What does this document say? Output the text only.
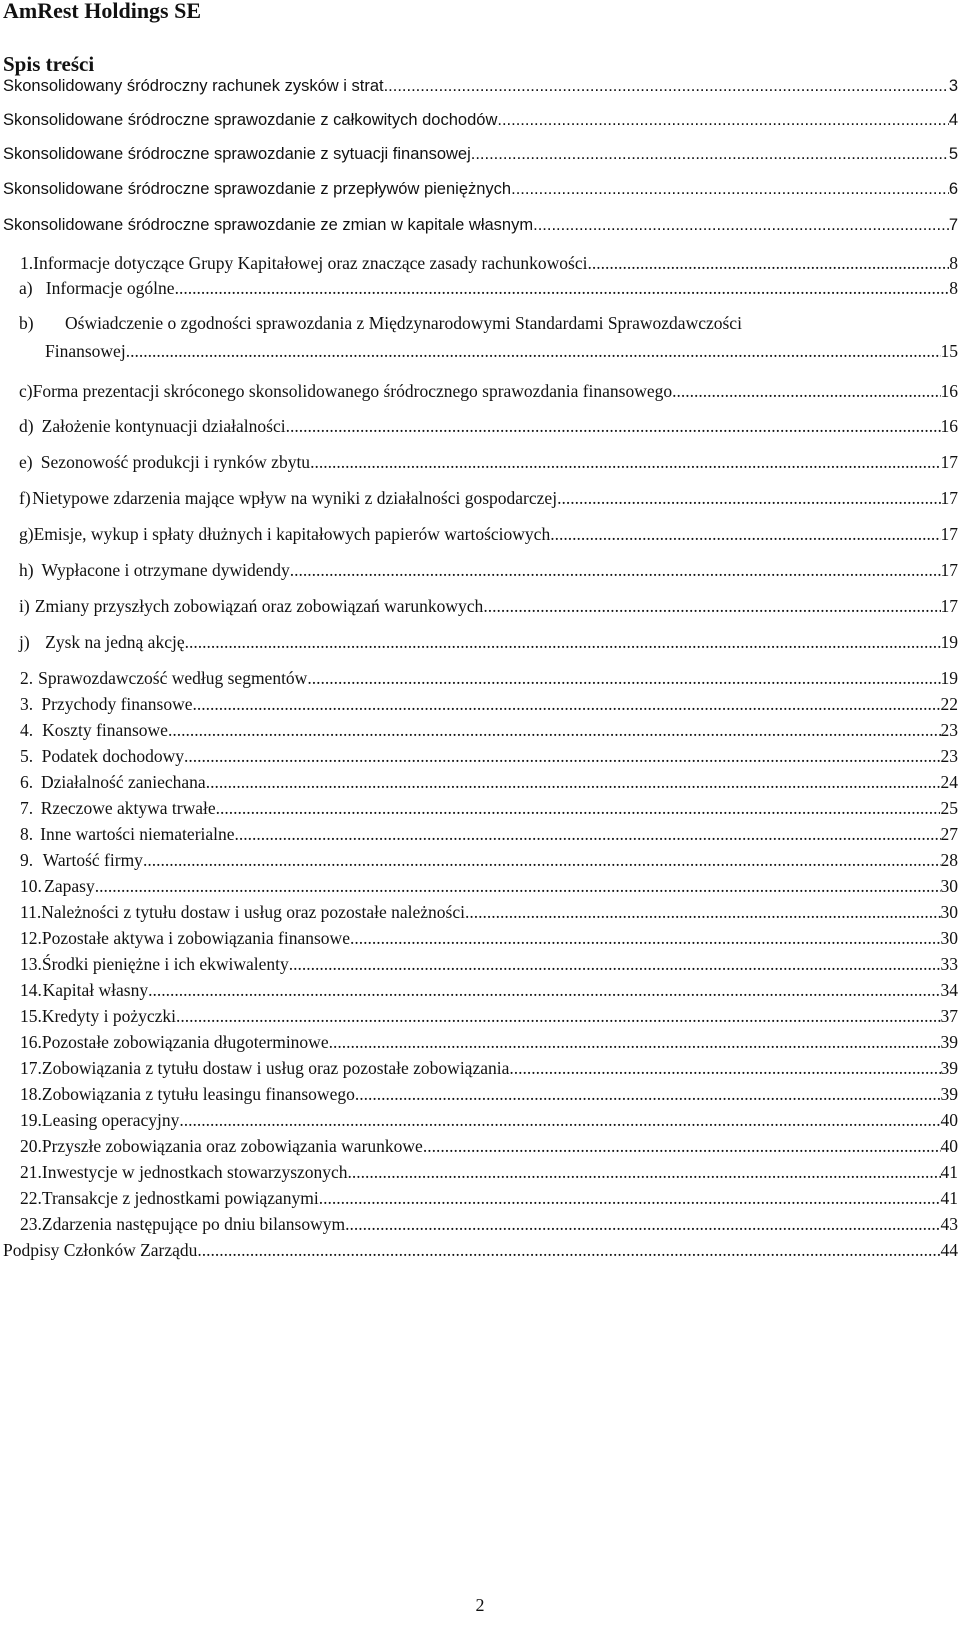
AmRest Holdings SE
Spis treści
Skonsolidowany śródroczny rachunek zysków i strat .....	3
Skonsolidowane śródroczne sprawozdanie z całkowitych dochodów .....	4
Skonsolidowane śródroczne sprawozdanie z sytuacji finansowej .....	5
Skonsolidowane śródroczne sprawozdanie z przepływów pieniężnych .....	6
Skonsolidowane śródroczne sprawozdanie ze zmian w kapitale własnym .....	7
1. Informacje dotyczące Grupy Kapitałowej oraz znaczące zasady rachunkowości .....	8
a) Informacje ogólne .....	8
b) Oświadczenie o zgodności sprawozdania z Międzynarodowymi Standardami Sprawozdawczości
Finansowej .....	15
c) Forma prezentacji skróconego skonsolidowanego śródrocznego sprawozdania finansowego .....	16
d) Założenie kontynuacji działalności .....	16
e) Sezonowość produkcji i rynków zbytu .....	17
f) Nietypowe zdarzenia mające wpływ na wyniki z działalności gospodarczej .....	17
g) Emisje, wykup i spłaty dłużnych i kapitałowych papierów wartościowych .....	17
h) Wypłacone i otrzymane dywidendy .....	17
i) Zmiany przyszłych zobowiązań oraz zobowiązań warunkowych .....	17
j) Zysk na jedną akcję .....	19
2. Sprawozdawczość według segmentów .....	19
3. Przychody finansowe .....	22
4. Koszty finansowe .....	23
5. Podatek dochodowy .....	23
6. Działalność zaniechana .....	24
7. Rzeczowe aktywa trwałe .....	25
8. Inne wartości niematerialne .....	27
9. Wartość firmy .....	28
10. Zapasy .....	30
11. Należności z tytułu dostaw i usług oraz pozostałe należności .....	30
12. Pozostałe aktywa i zobowiązania finansowe .....	30
13. Środki pieniężne i ich ekwiwalenty .....	33
14. Kapitał własny .....	34
15. Kredyty i pożyczki .....	37
16. Pozostałe zobowiązania długoterminowe .....	39
17. Zobowiązania z tytułu dostaw i usług oraz pozostałe zobowiązania .....	39
18. Zobowiązania z tytułu leasingu finansowego .....	39
19. Leasing operacyjny .....	40
20. Przyszłe zobowiązania oraz zobowiązania warunkowe .....	40
21. Inwestycje w jednostkach stowarzyszonych .....	41
22. Transakcje z jednostkami powiązanymi .....	41
23. Zdarzenia następujące po dniu bilansowym .....	43
Podpisy Członków Zarządu .....	44
2
